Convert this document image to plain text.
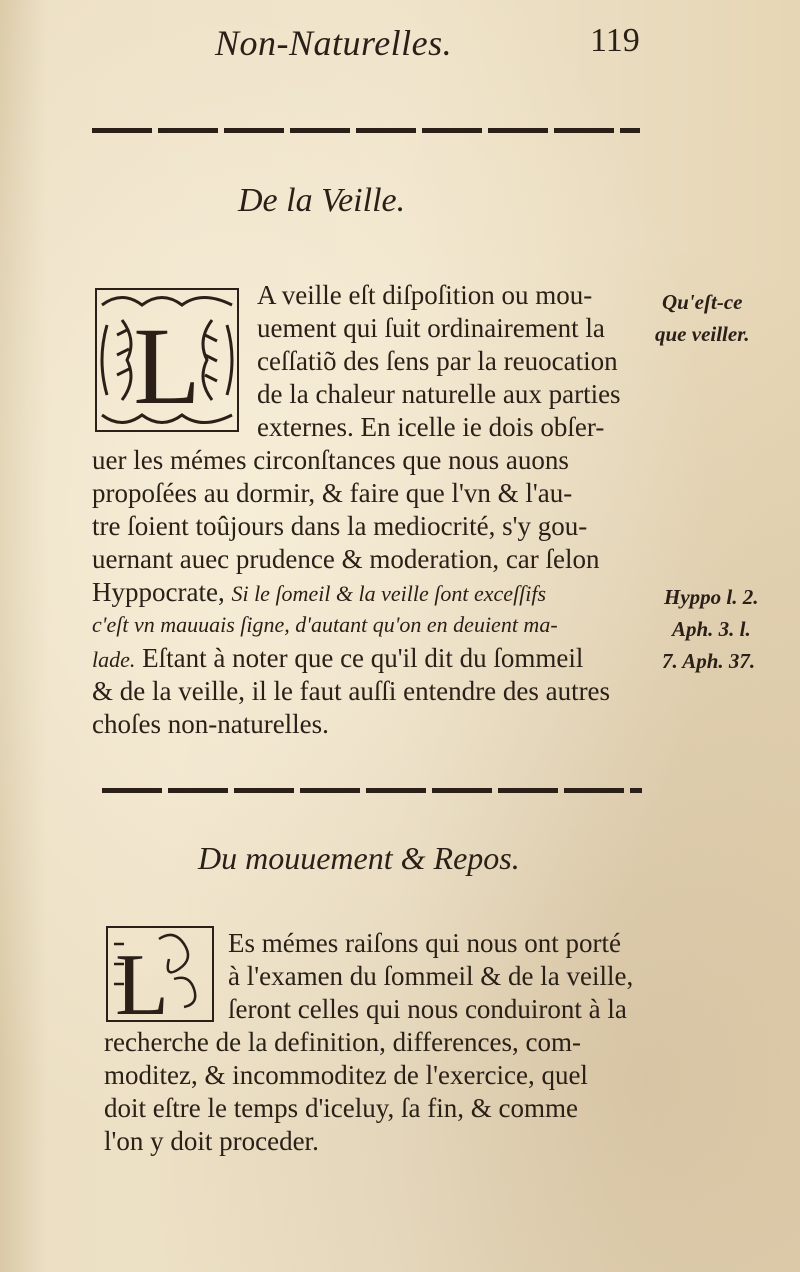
Non-Naturelles.	119
De la Veille.
L
A veille eſt diſpoſition ou mou-
uement qui ſuit ordinairement la
ceſſatiõ des ſens par la reuocation
de la chaleur naturelle aux parties
externes. En icelle ie dois obſer-
uer les mémes circonſtances que nous auons
propoſées au dormir, & faire que l'vn & l'au-
tre ſoient toûjours dans la mediocrité, s'y gou-
uernant auec prudence & moderation, car ſelon
Hyppocrate, Si le ſomeil & la veille ſont exceſſifs
c'eſt vn mauuais ſigne, d'autant qu'on en deuient ma-
lade. Eſtant à noter que ce qu'il dit du ſommeil
& de la veille, il le faut auſſi entendre des autres
choſes non-naturelles.
Qu'eſt-ce
que veiller.
Hyppo l. 2.
Aph. 3. l.
7. Aph. 37.
Du mouuement & Repos.
L Es mémes raiſons qui nous ont porté
à l'examen du ſommeil & de la veille,
ſeront celles qui nous conduiront à la
recherche de la definition, differences, com-
moditez, & incommoditez de l'exercice, quel
doit eſtre le temps d'iceluy, ſa fin, & comme
l'on y doit proceder.
